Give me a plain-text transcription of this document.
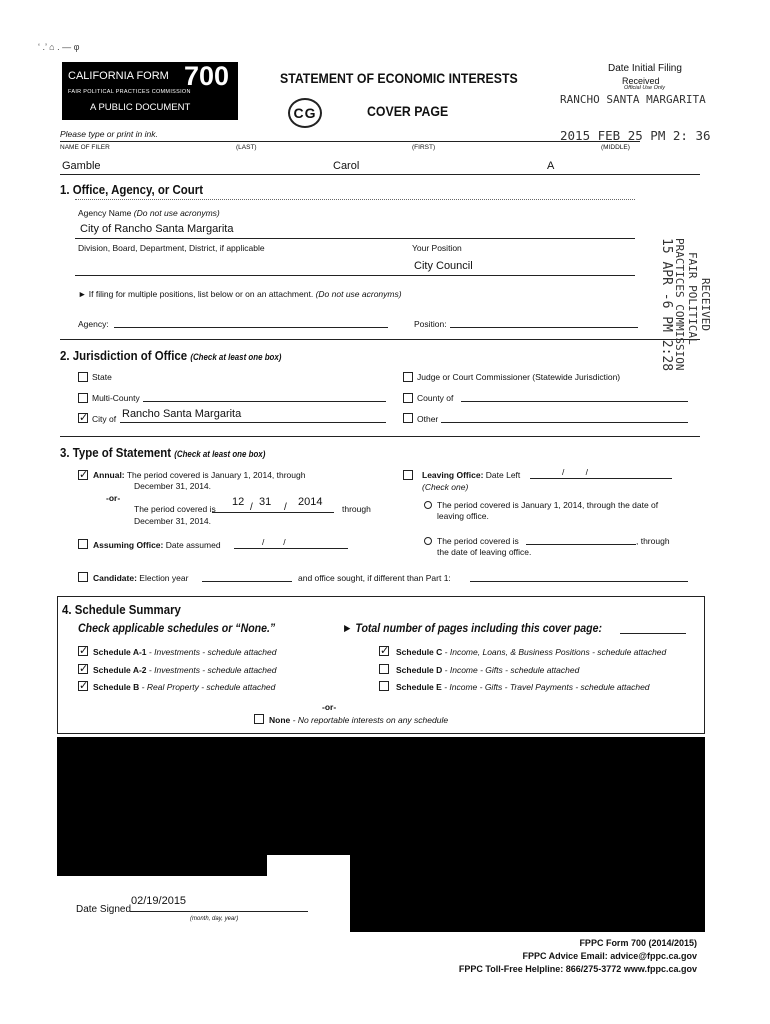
‘ .’ ⌂ . — φ
CALIFORNIA FORM 700
FAIR POLITICAL PRACTICES COMMISSION
A PUBLIC DOCUMENT
STATEMENT OF ECONOMIC INTERESTS
CG	COVER PAGE
Date Initial Filing
Received
Official Use Only
RANCHO SANTA MARGARITA
2015 FEB 25 PM 2: 36
Please type or print in ink.
NAME OF FILER	(LAST)	(FIRST)	(MIDDLE)
Gamble	Carol	A
1. Office, Agency, or Court
Agency Name (Do not use acronyms)
City of Rancho Santa Margarita
Division, Board, Department, District, if applicable	Your Position
City Council
► If filing for multiple positions, list below or on an attachment. (Do not use acronyms)
Agency:	Position:	RECEIVED
FAIR POLITICAL
PRACTICES COMMISSION
15 APR -6 PM 2:28
2. Jurisdiction of Office (Check at least one box)
State	Judge or Court Commissioner (Statewide Jurisdiction)
Multi-County	County of
✓
City of Rancho Santa Margarita	Other
3. Type of Statement (Check at least one box)
✓
Annual: The period covered is January 1, 2014, through
December 31, 2014.
-or-
The period covered is
12 / 31 / 2014
through
December 31, 2014.
Leaving Office: Date Left	/         /
(Check one)
The period covered is January 1, 2014, through the date of
leaving office.
The period covered is	, through
the date of leaving office.
Assuming Office: Date assumed	/        /
Candidate: Election year	and office sought, if different than Part 1:
4. Schedule Summary
Check applicable schedules or “None.”	► Total number of pages including this cover page:
✓
Schedule A-1 - Investments - schedule attached
✓
Schedule A-2 - Investments - schedule attached
✓
Schedule B - Real Property - schedule attached
✓
Schedule C - Income, Loans, & Business Positions - schedule attached
Schedule D - Income - Gifts - schedule attached
Schedule E - Income - Gifts - Travel Payments - schedule attached
-or-
None - No reportable interests on any schedule
Date Signed
02/19/2015
(month, day, year)
FPPC Form 700 (2014/2015)
FPPC Advice Email: advice@fppc.ca.gov
FPPC Toll-Free Helpline: 866/275-3772 www.fppc.ca.gov
